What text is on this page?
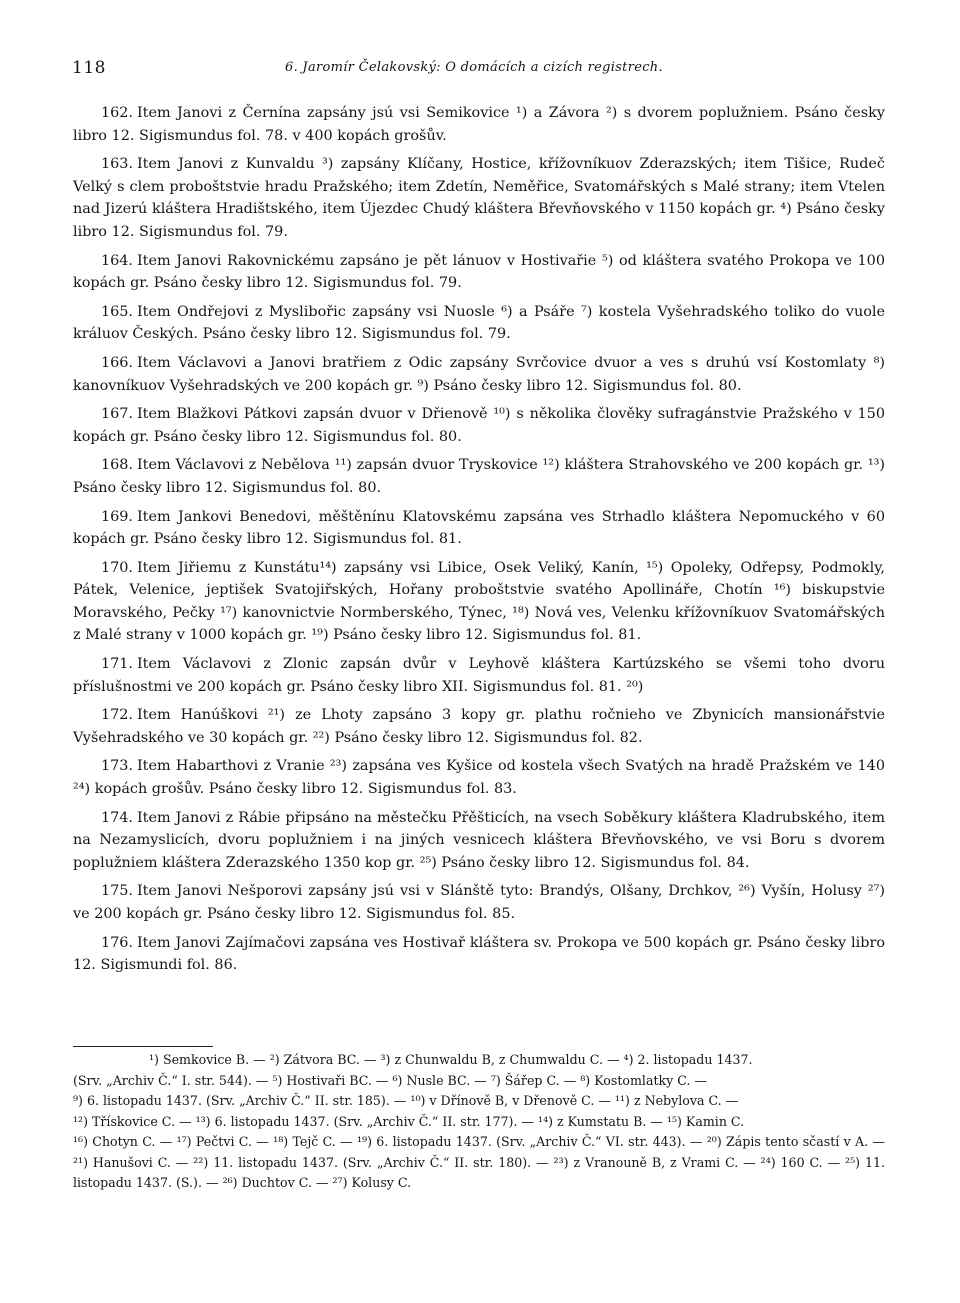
118	6. Jaromír Čelakovský: O domácích a cizích registrech.

162. Item Janovi z Černína zapsány jsú vsi Semikovice ¹) a Závora ²) s dvorem poplužniem. Psáno česky libro 12. Sigismundus fol. 78. v 400 kopách grošův.

163. Item Janovi z Kunvaldu ³) zapsány Klíčany, Hostice, křížovníkuov Zderazských; item Tišice, Rudeč Velký s clem proboštstvie hradu Pražského; item Zdetín, Neměřice, Svatomářských s Malé strany; item Vtelen nad Jizerú kláštera Hradištského, item Újezdec Chudý kláštera Břevňovského v 1150 kopách gr. ⁴) Psáno česky libro 12. Sigismundus fol. 79.

164. Item Janovi Rakovnickému zapsáno je pět lánuov v Hostivařie ⁵) od kláštera svatého Prokopa ve 100 kopách gr. Psáno česky libro 12. Sigismundus fol. 79.

165. Item Ondřejovi z Myslibořic zapsány vsi Nuosle ⁶) a Psáře ⁷) kostela Vyšehradského toliko do vuole králuov Českých. Psáno česky libro 12. Sigismundus fol. 79.

166. Item Václavovi a Janovi bratřiem z Odic zapsány Svrčovice dvuor a ves s druhú vsí Kostomlaty ⁸) kanovníkuov Vyšehradských ve 200 kopách gr. ⁹) Psáno česky libro 12. Sigismundus fol. 80.

167. Item Blažkovi Pátkovi zapsán dvuor v Dřienově ¹⁰) s několika člověky sufragánstvie Pražského v 150 kopách gr. Psáno česky libro 12. Sigismundus fol. 80.

168. Item Václavovi z Nebělova ¹¹) zapsán dvuor Tryskovice ¹²) kláštera Strahovského ve 200 kopách gr. ¹³) Psáno česky libro 12. Sigismundus fol. 80.

169. Item Jankovi Benedovi, měštěnínu Klatovskému zapsána ves Strhadlo kláštera Nepomuckého v 60 kopách gr. Psáno česky libro 12. Sigismundus fol. 81.

170. Item Jiřiemu z Kunstátu¹⁴) zapsány vsi Libice, Osek Veliký, Kanín, ¹⁵) Opoleky, Odřepsy, Podmokly, Pátek, Velenice, jeptišek Svatojiřských, Hořany proboštstvie svatého Apollináře, Chotín ¹⁶) biskupstvie Moravského, Pečky ¹⁷) kanovnictvie Normberského, Týnec, ¹⁸) Nová ves, Velenku křížovníkuov Svatomářských z Malé strany v 1000 kopách gr. ¹⁹) Psáno česky libro 12. Sigismundus fol. 81.

171. Item Václavovi z Zlonic zapsán dvůr v Leyhově kláštera Kartúzského se všemi toho dvoru příslušnostmi ve 200 kopách gr. Psáno česky libro XII. Sigismundus fol. 81. ²⁰)

172. Item Hanúškovi ²¹) ze Lhoty zapsáno 3 kopy gr. plathu ročnieho ve Zbynicích mansionářstvie Vyšehradského ve 30 kopách gr. ²²) Psáno česky libro 12. Sigismundus fol. 82.

173. Item Habarthovi z Vranie ²³) zapsána ves Kyšice od kostela všech Svatých na hradě Pražském ve 140 ²⁴) kopách grošův. Psáno česky libro 12. Sigismundus fol. 83.

174. Item Janovi z Rábie připsáno na městečku Přěšticích, na vsech Soběkury kláštera Kladrubského, item na Nezamyslicích, dvoru poplužniem i na jiných vesnicech kláštera Břevňovského, ve vsi Boru s dvorem poplužniem kláštera Zderazského 1350 kop gr. ²⁵) Psáno česky libro 12. Sigismundus fol. 84.

175. Item Janovi Nešporovi zapsány jsú vsi v Slánště tyto: Brandýs, Olšany, Drchkov, ²⁶) Vyšín, Holusy ²⁷) ve 200 kopách gr. Psáno česky libro 12. Sigismundus fol. 85.

176. Item Janovi Zajímačovi zapsána ves Hostivař kláštera sv. Prokopa ve 500 kopách gr. Psáno česky libro 12. Sigismundi fol. 86.

¹) Semkovice B. — ²) Zátvora BC. — ³) z Chunwaldu B, z Chumwaldu C. — ⁴) 2. listopadu 1437.
(Srv. „Archiv Č.“ I. str. 544). — ⁵) Hostivaři BC. — ⁶) Nusle BC. — ⁷) Šářep C. — ⁸) Kostomlatky C. —
⁹) 6. listopadu 1437. (Srv. „Archiv Č.“ II. str. 185). — ¹⁰) v Dřínově B, v Dřenově C. — ¹¹) z Nebylova C. —
¹²) Třískovice C. — ¹³) 6. listopadu 1437. (Srv. „Archiv Č.“ II. str. 177). — ¹⁴) z Kumstatu B. — ¹⁵) Kamin C.
¹⁶) Chotyn C. — ¹⁷) Pečtvi C. — ¹⁸) Tejč C. — ¹⁹) 6. listopadu 1437. (Srv. „Archiv Č.“ VI. str. 443). — ²⁰) Zápis tento sčastí v A. — ²¹) Hanušovi C. — ²²) 11. listopadu 1437. (Srv. „Archiv Č.“ II. str. 180). — ²³) z Vranouně B, z Vrami C. — ²⁴) 160 C. — ²⁵) 11. listopadu 1437. (S.). — ²⁶) Duchtov C. — ²⁷) Kolusy C.
